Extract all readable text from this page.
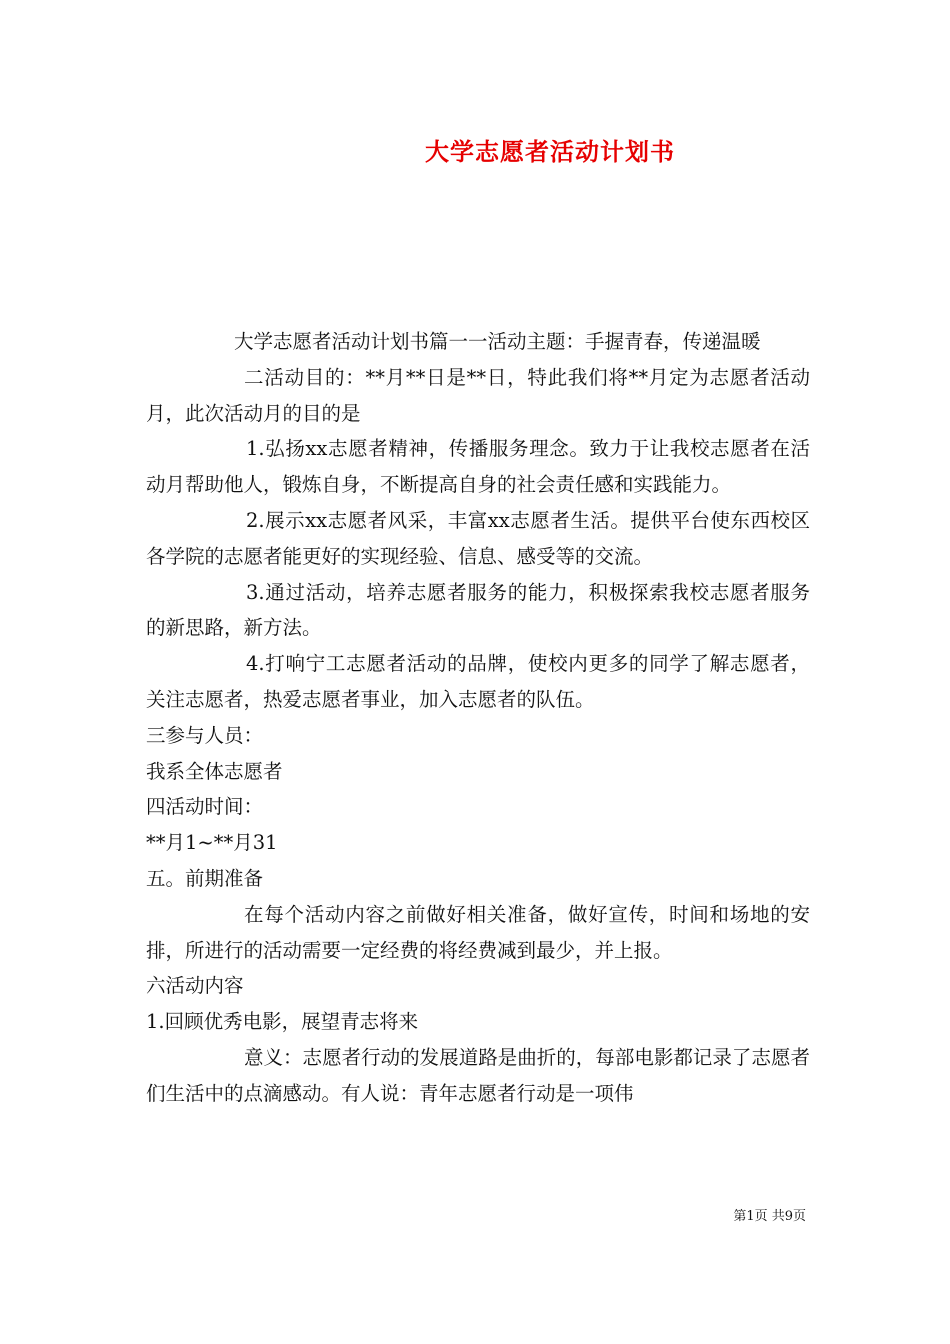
大学志愿者活动计划书

大学志愿者活动计划书篇一一活动主题：手握青春，传递温暖

二活动目的：**月**日是**日，特此我们将**月定为志愿者活动月，此次活动月的目的是

1.弘扬xx志愿者精神，传播服务理念。致力于让我校志愿者在活动月帮助他人，锻炼自身，不断提高自身的社会责任感和实践能力。

2.展示xx志愿者风采，丰富xx志愿者生活。提供平台使东西校区各学院的志愿者能更好的实现经验、信息、感受等的交流。

3.通过活动，培养志愿者服务的能力，积极探索我校志愿者服务的新思路，新方法。

4.打响宁工志愿者活动的品牌，使校内更多的同学了解志愿者，关注志愿者，热爱志愿者事业，加入志愿者的队伍。

三参与人员：

我系全体志愿者

四活动时间：

**月1~**月31

五。前期准备

在每个活动内容之前做好相关准备，做好宣传，时间和场地的安排，所进行的活动需要一定经费的将经费减到最少，并上报。

六活动内容

1.回顾优秀电影，展望青志将来

意义：志愿者行动的发展道路是曲折的，每部电影都记录了志愿者们生活中的点滴感动。有人说：青年志愿者行动是一项伟

第1页 共9页
